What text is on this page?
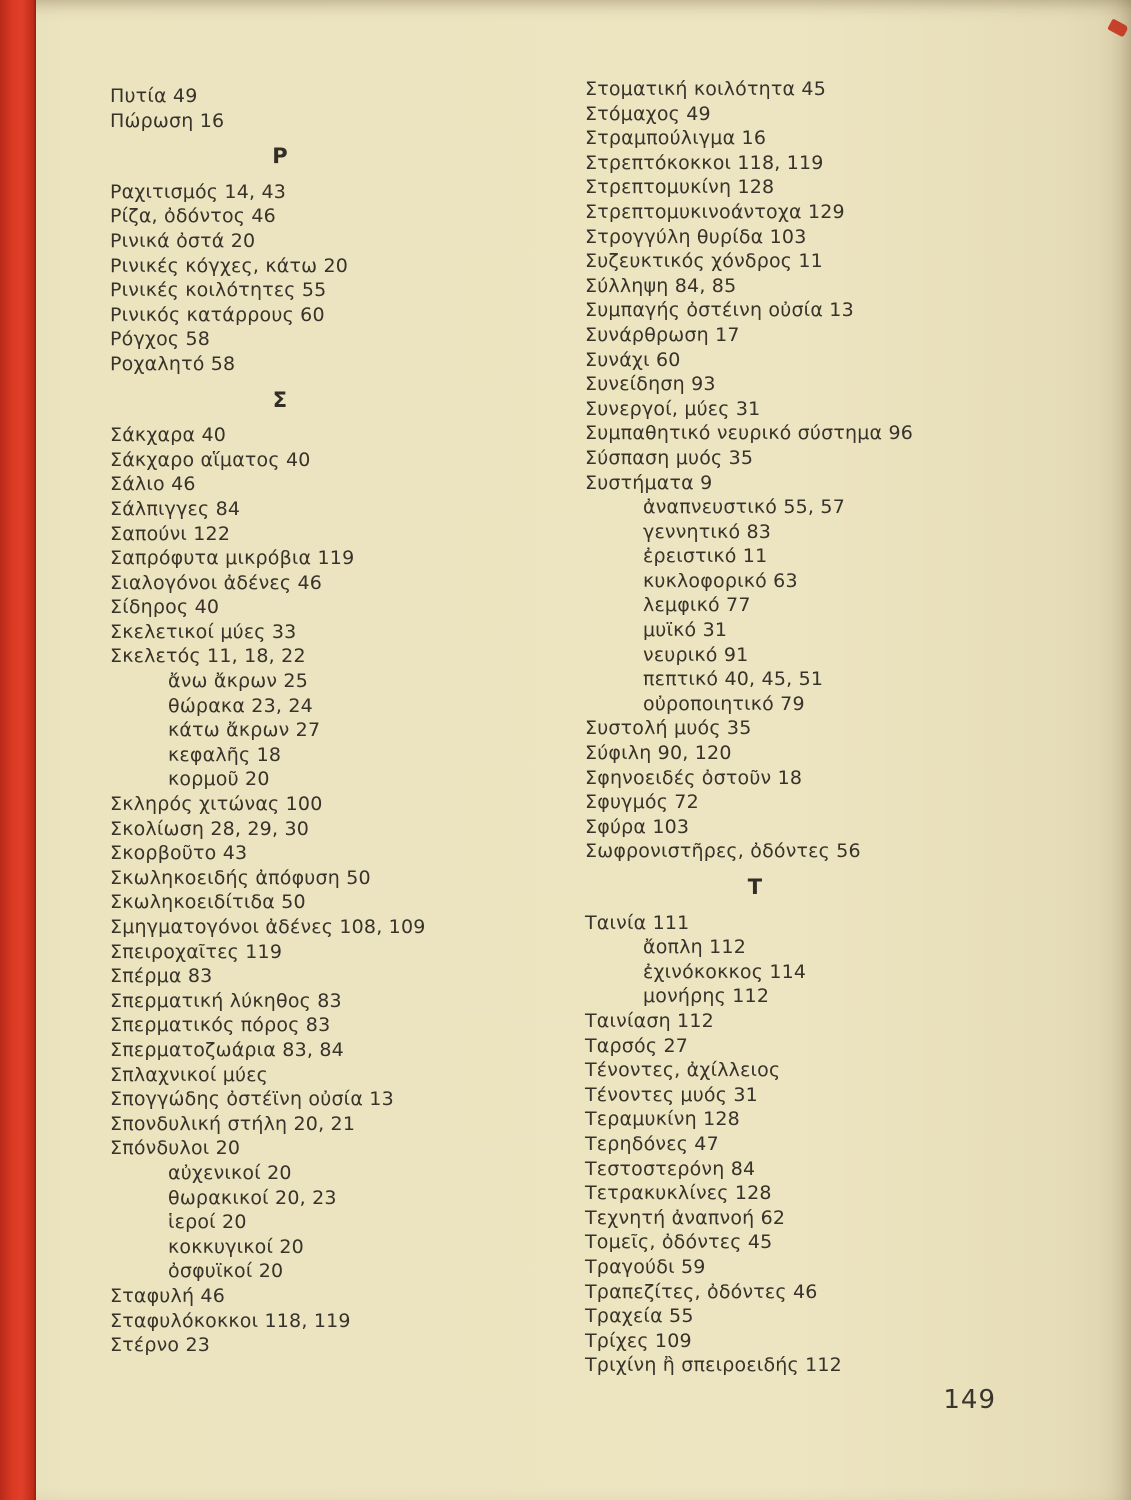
Πυτία 49
Πώρωση 16
Ρ
Ραχιτισμός 14, 43
Ρίζα, ὀδόντος 46
Ρινικά ὀστά 20
Ρινικές κόγχες, κάτω 20
Ρινικές κοιλότητες 55
Ρινικός κατάρρους 60
Ρόγχος 58
Ροχαλητό 58
Σ
Σάκχαρα 40
Σάκχαρο αἵματος 40
Σάλιο 46
Σάλπιγγες 84
Σαπούνι 122
Σαπρόφυτα μικρόβια 119
Σιαλογόνοι ἀδένες 46
Σίδηρος 40
Σκελετικοί μύες 33
Σκελετός 11, 18, 22
ἄνω ἄκρων 25
θώρακα 23, 24
κάτω ἄκρων 27
κεφαλῆς 18
κορμοῦ 20
Σκληρός χιτώνας 100
Σκολίωση 28, 29, 30
Σκορβοῦτο 43
Σκωληκοειδής ἀπόφυση 50
Σκωληκοειδίτιδα 50
Σμηγματογόνοι ἀδένες 108, 109
Σπειροχαῖτες 119
Σπέρμα 83
Σπερματική λύκηθος 83
Σπερματικός πόρος 83
Σπερματοζωάρια 83, 84
Σπλαχνικοί μύες
Σπογγώδης ὀστέϊνη οὐσία 13
Σπονδυλική στήλη 20, 21
Σπόνδυλοι 20
αὐχενικοί 20
θωρακικοί 20, 23
ἱεροί 20
κοκκυγικοί 20
ὀσφυϊκοί 20
Σταφυλή 46
Σταφυλόκοκκοι 118, 119
Στέρνο 23
Στοματική κοιλότητα 45
Στόμαχος 49
Στραμπούλιγμα 16
Στρεπτόκοκκοι 118, 119
Στρεπτομυκίνη 128
Στρεπτομυκινοάντοχα 129
Στρογγύλη θυρίδα 103
Συζευκτικός χόνδρος 11
Σύλληψη 84, 85
Συμπαγής ὀστέινη οὐσία 13
Συνάρθρωση 17
Συνάχι 60
Συνείδηση 93
Συνεργοί, μύες 31
Συμπαθητικό νευρικό σύστημα 96
Σύσπαση μυός 35
Συστήματα 9
ἀναπνευστικό 55, 57
γεννητικό 83
ἐρειστικό 11
κυκλοφορικό 63
λεμφικό 77
μυϊκό 31
νευρικό 91
πεπτικό 40, 45, 51
οὐροποιητικό 79
Συστολή μυός 35
Σύφιλη 90, 120
Σφηνοειδές ὀστοῦν 18
Σφυγμός 72
Σφύρα 103
Σωφρονιστῆρες, ὀδόντες 56
Τ
Ταινία 111
ἄοπλη 112
ἐχινόκοκκος 114
μονήρης 112
Ταινίαση 112
Ταρσός 27
Τένοντες, ἀχίλλειος
Τένοντες μυός 31
Τεραμυκίνη 128
Τερηδόνες 47
Τεστοστερόνη 84
Τετρακυκλίνες 128
Τεχνητή ἀναπνοή 62
Τομεῖς, ὀδόντες 45
Τραγούδι 59
Τραπεζίτες, ὀδόντες 46
Τραχεία 55
Τρίχες 109
Τριχίνη ἢ σπειροειδής 112
149
